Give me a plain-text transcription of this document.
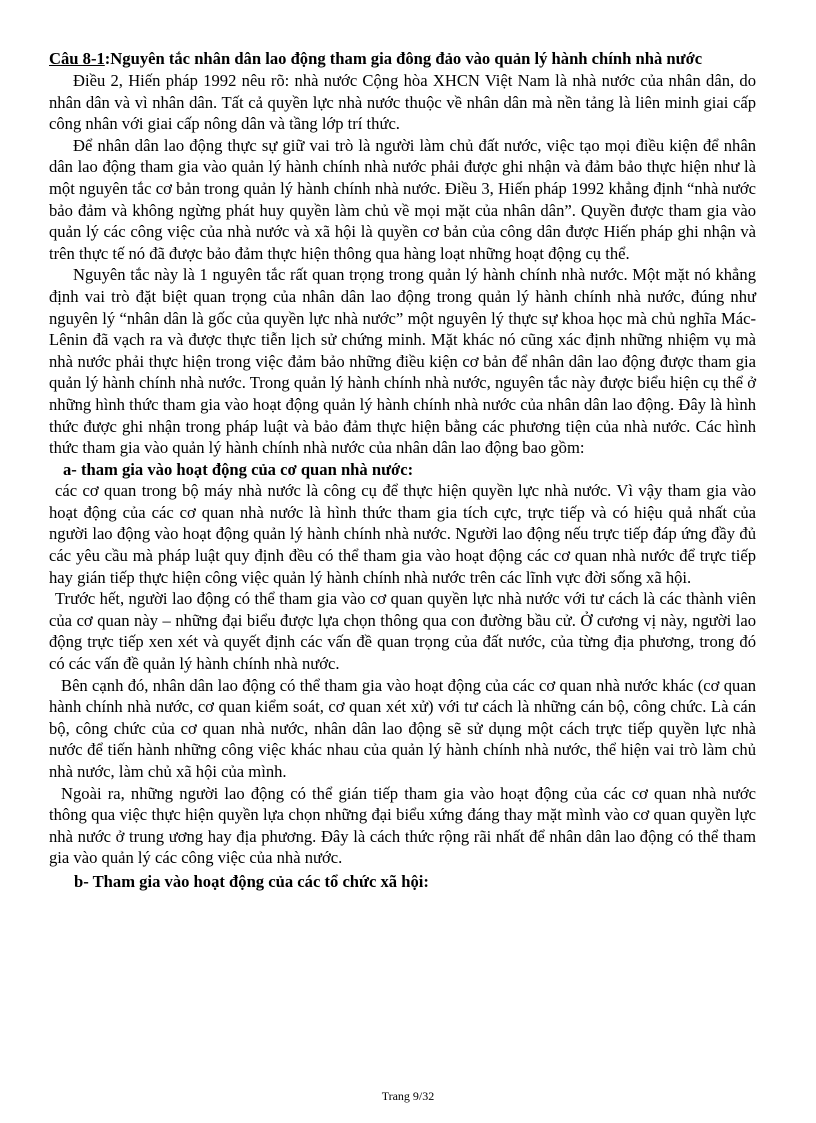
Câu 8-1:Nguyên tắc nhân dân lao động tham gia đông đảo vào quản lý hành chính nhà nước

Điều 2, Hiến pháp 1992 nêu rõ: nhà nước Cộng hòa XHCN Việt Nam là nhà nước của nhân dân, do nhân dân và vì nhân dân. Tất cả quyền lực nhà nước thuộc về nhân dân mà nền tảng là liên minh giai cấp công nhân với giai cấp nông dân và tầng lớp trí thức.

Để nhân dân lao động thực sự giữ vai trò là người làm chủ đất nước, việc tạo mọi điều kiện để nhân dân lao động tham gia vào quản lý hành chính nhà nước phải được ghi nhận và đảm bảo thực hiện như là một nguyên tắc cơ bản trong quản lý hành chính nhà nước. Điều 3, Hiến pháp 1992 khẳng định “nhà nước bảo đảm và không ngừng phát huy quyền làm chủ về mọi mặt của nhân dân”. Quyền được tham gia vào quản lý các công việc của nhà nước và xã hội là quyền cơ bản của công dân được Hiến pháp ghi nhận và trên thực tế nó đã được bảo đảm thực hiện thông qua hàng loạt những hoạt động cụ thể.

Nguyên tắc này là 1 nguyên tắc rất quan trọng trong quản lý hành chính nhà nước. Một mặt nó khẳng định vai trò đặt biệt quan trọng của nhân dân lao động trong quản lý hành chính nhà nước, đúng như nguyên lý “nhân dân là gốc của quyền lực nhà nước” một nguyên lý thực sự khoa học mà chủ nghĩa Mác-Lênin đã vạch ra và được thực tiễn lịch sử chứng minh. Mặt khác nó cũng xác định những nhiệm vụ mà nhà nước phải thực hiện trong việc đảm bảo những điều kiện cơ bản để nhân dân lao động được tham gia quản lý hành chính nhà nước. Trong quản lý hành chính nhà nước, nguyên tắc này được biểu hiện cụ thể ở những hình thức tham gia vào hoạt động quản lý hành chính nhà nước của nhân dân lao động. Đây là hình thức được ghi nhận trong pháp luật và bảo đảm thực hiện bằng các phương tiện của nhà nước. Các hình thức tham gia vào quản lý hành chính nhà nước của nhân dân lao động bao gồm:

a- tham gia vào hoạt động của cơ quan nhà nước:

các cơ quan trong bộ máy nhà nước là công cụ để thực hiện quyền lực nhà nước. Vì vậy tham gia vào hoạt động của các cơ quan nhà nước là hình thức tham gia tích cực, trực tiếp và có hiệu quả nhất của người lao động vào hoạt động quản lý hành chính nhà nước. Người lao động nếu trực tiếp đáp ứng đầy đủ các yêu cầu mà pháp luật quy định đều có thể tham gia vào hoạt động các cơ quan nhà nước để trực tiếp hay gián tiếp thực hiện công việc quản lý hành chính nhà nước trên các lĩnh vực đời sống xã hội.

Trước hết, người lao động có thể tham gia vào cơ quan quyền lực nhà nước với tư cách là các thành viên của cơ quan này – những đại biểu được lựa chọn thông qua con đường bầu cử. Ở cương vị này, người lao động trực tiếp xen xét và quyết định các vấn đề quan trọng của đất nước, của từng địa phương, trong đó có các vấn đề quản lý hành chính nhà nước.

Bên cạnh đó, nhân dân lao động có thể tham gia vào hoạt động của các cơ quan nhà nước khác (cơ quan hành chính nhà nước, cơ quan kiểm soát, cơ quan xét xử) với tư cách là những cán bộ, công chức. Là cán bộ, công chức của cơ quan nhà nước, nhân dân lao động sẽ sử dụng một cách trực tiếp quyền lực nhà nước để tiến hành những công việc khác nhau của quản lý hành chính nhà nước, thể hiện vai trò làm chủ nhà nước, làm chủ xã hội của mình.

Ngoài ra, những người lao động có thể gián tiếp tham gia vào hoạt động của các cơ quan nhà nước thông qua việc thực hiện quyền lựa chọn những đại biểu xứng đáng thay mặt mình vào cơ quan quyền lực nhà nước ở trung ương hay địa phương. Đây là cách thức rộng rãi nhất để nhân dân lao động có thể tham gia vào quản lý các công việc của nhà nước.

b- Tham gia vào hoạt động của các tổ chức xã hội:
Trang 9/32
